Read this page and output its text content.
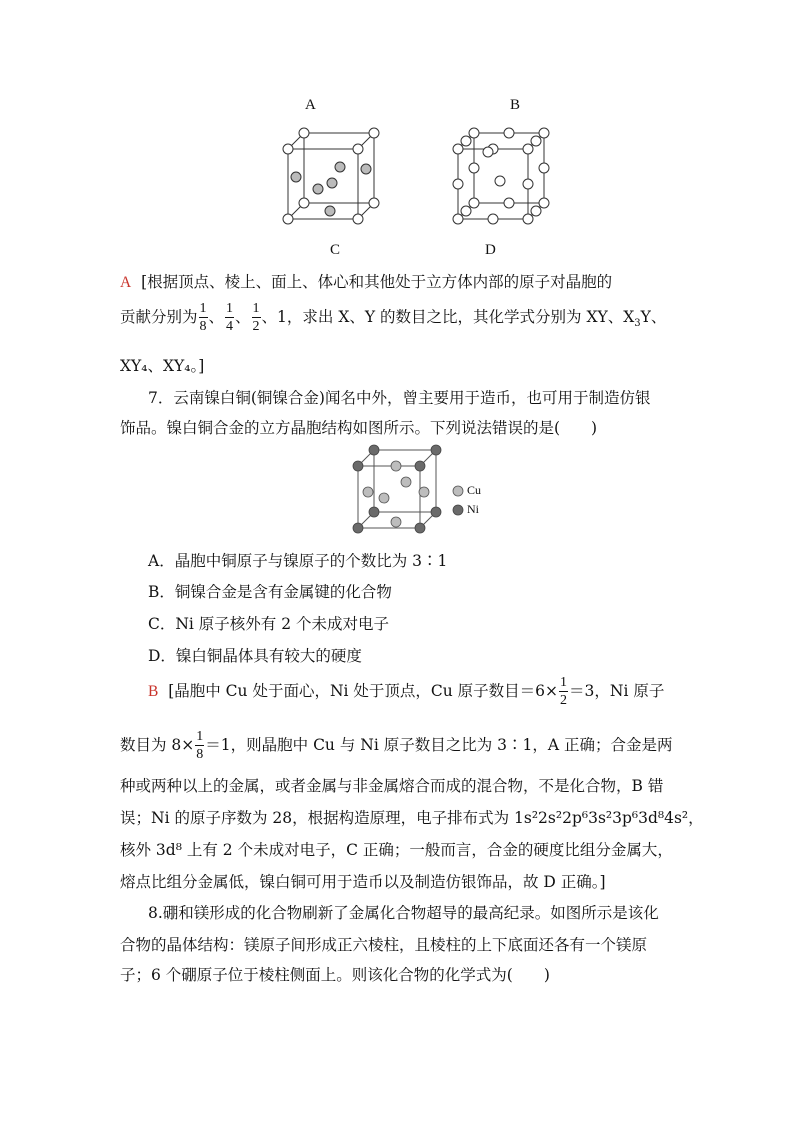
A	B
C	D
A [根据顶点、棱上、面上、体心和其他处于立方体内部的原子对晶胞的
贡献分别为 $\frac{1}{8}$ 、 $\frac{1}{4}$ 、 $\frac{1}{2}$ 、1，求出 X、Y 的数目之比，其化学式分别为 XY、$X_3Y$、
XY₄、XY₄。]
7．云南镍白铜(铜镍合金)闻名中外，曾主要用于造币，也可用于制造仿银
饰品。镍白铜合金的立方晶胞结构如图所示。下列说法错误的是(　　)
Cu
Ni
A．晶胞中铜原子与镍原子的个数比为 3∶1
B．铜镍合金是含有金属键的化合物
C．Ni 原子核外有 2 个未成对电子
D．镍白铜晶体具有较大的硬度
B [晶胞中 Cu 处于面心，Ni 处于顶点，Cu 原子数目$=6\times \frac{1}{2} =3$，Ni 原子
数目为 $8\times \frac{1}{8} =1$，则晶胞中 Cu 与 Ni 原子数目之比为 3∶1，A 正确；合金是两
种或两种以上的金属，或者金属与非金属熔合而成的混合物，不是化合物，B 错
误；Ni 的原子序数为 28，根据构造原理，电子排布式为 1s²2s²2p⁶3s²3p⁶3d⁸4s²，
核外 3d⁸ 上有 2 个未成对电子，C 正确；一般而言，合金的硬度比组分金属大，
熔点比组分金属低，镍白铜可用于造币以及制造仿银饰品，故 D 正确。]
8.硼和镁形成的化合物刷新了金属化合物超导的最高纪录。如图所示是该化
合物的晶体结构：镁原子间形成正六棱柱，且棱柱的上下底面还各有一个镁原
子；6 个硼原子位于棱柱侧面上。则该化合物的化学式为(　　)
